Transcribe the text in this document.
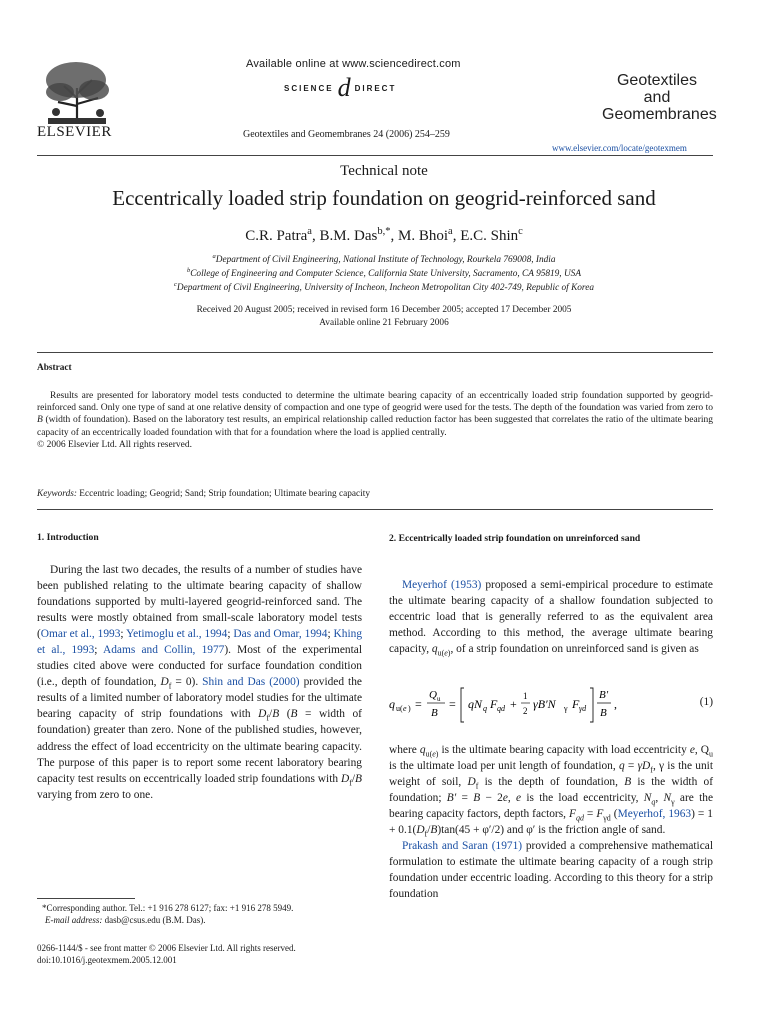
ELSEVIER
Available online at www.sciencedirect.com
SCIENCE d DIRECT
Geotextiles and Geomembranes 24 (2006) 254–259
Geotextiles
and
Geomembranes
www.elsevier.com/locate/geotexmem
Technical note
Eccentrically loaded strip foundation on geogrid-reinforced sand
C.R. Patra$^a$, B.M. Das$^{b,*}$, M. Bhoi$^a$, E.C. Shin$^c$
$^a$Department of Civil Engineering, National Institute of Technology, Rourkela 769008, India
$^b$College of Engineering and Computer Science, California State University, Sacramento, CA 95819, USA
$^c$Department of Civil Engineering, University of Incheon, Incheon Metropolitan City 402-749, Republic of Korea
Received 20 August 2005; received in revised form 16 December 2005; accepted 17 December 2005
Available online 21 February 2006
Abstract
Results are presented for laboratory model tests conducted to determine the ultimate bearing capacity of an eccentrically loaded strip foundation supported by geogrid-reinforced sand. Only one type of sand at one relative density of compaction and one type of geogrid were used for the tests. The depth of the foundation was varied from zero to B (width of foundation). Based on the laboratory test results, an empirical relationship called reduction factor has been suggested that correlates the ratio of the ultimate bearing capacity of an eccentrically loaded foundation with that for a foundation where the load is applied centrally.
© 2006 Elsevier Ltd. All rights reserved.
Keywords: Eccentric loading; Geogrid; Sand; Strip foundation; Ultimate bearing capacity
1. Introduction

During the last two decades, the results of a number of studies have been published relating to the ultimate bearing capacity of shallow foundations supported by multi-layered geogrid-reinforced sand. The results were mostly obtained from small-scale laboratory model tests (Omar et al., 1993; Yetimoglu et al., 1994; Das and Omar, 1994; Khing et al., 1993; Adams and Collin, 1977). Most of the experimental studies cited above were conducted for surface foundation condition (i.e., depth of foundation, $D_f = 0$). Shin and Das (2000) provided the results of a limited number of laboratory model studies for the ultimate bearing capacity of strip foundations with $D_f/B$ (B = width of foundation) greater than zero. None of the published studies, however, address the effect of load eccentricity on the ultimate bearing capacity. The purpose of this paper is to report some recent laboratory bearing capacity test results on eccentrically loaded strip foundations with $D_f/B$ varying from zero to one.

2. Eccentrically loaded strip foundation on unreinforced sand

Meyerhof (1953) proposed a semi-empirical procedure to estimate the ultimate bearing capacity of a shallow foundation subjected to eccentric load that is generally referred to as the equivalent area method. According to this method, the average ultimate bearing capacity, $q_{u(e)}$, of a strip foundation on unreinforced sand is given as

q u( e ) =
Q u
B
= qN q F qd +
1
2 γB′N γ F γd
B′
B
,	(1)

where $q_{u(e)}$ is the ultimate bearing capacity with load eccentricity e, $Q_u$ is the ultimate load per unit length of foundation, $q = \gamma D_f$, γ is the unit weight of soil, $D_f$ is the depth of foundation, B is the width of foundation; B′ = B − 2e, e is the load eccentricity, $N_q$, $N_\gamma$ are the bearing capacity factors, depth factors, $F_{qd} = F_{\gamma d}$ (Meyerhof, $1963) = 1 + 0.1(D_f/B)\tan(45 + \varphi'/2)$ and φ′ is the friction angle of sand.

Prakash and Saran (1971) provided a comprehensive mathematical formulation to estimate the ultimate bearing capacity of a rough strip foundation under eccentric loading. According to this theory for a strip foundation

*Corresponding author. Tel.: +1 916 278 6127; fax: +1 916 278 5949.
E-mail address: dasb@csus.edu (B.M. Das).
0266-1144/$ - see front matter © 2006 Elsevier Ltd. All rights reserved.
doi:10.1016/j.geotexmem.2005.12.001
